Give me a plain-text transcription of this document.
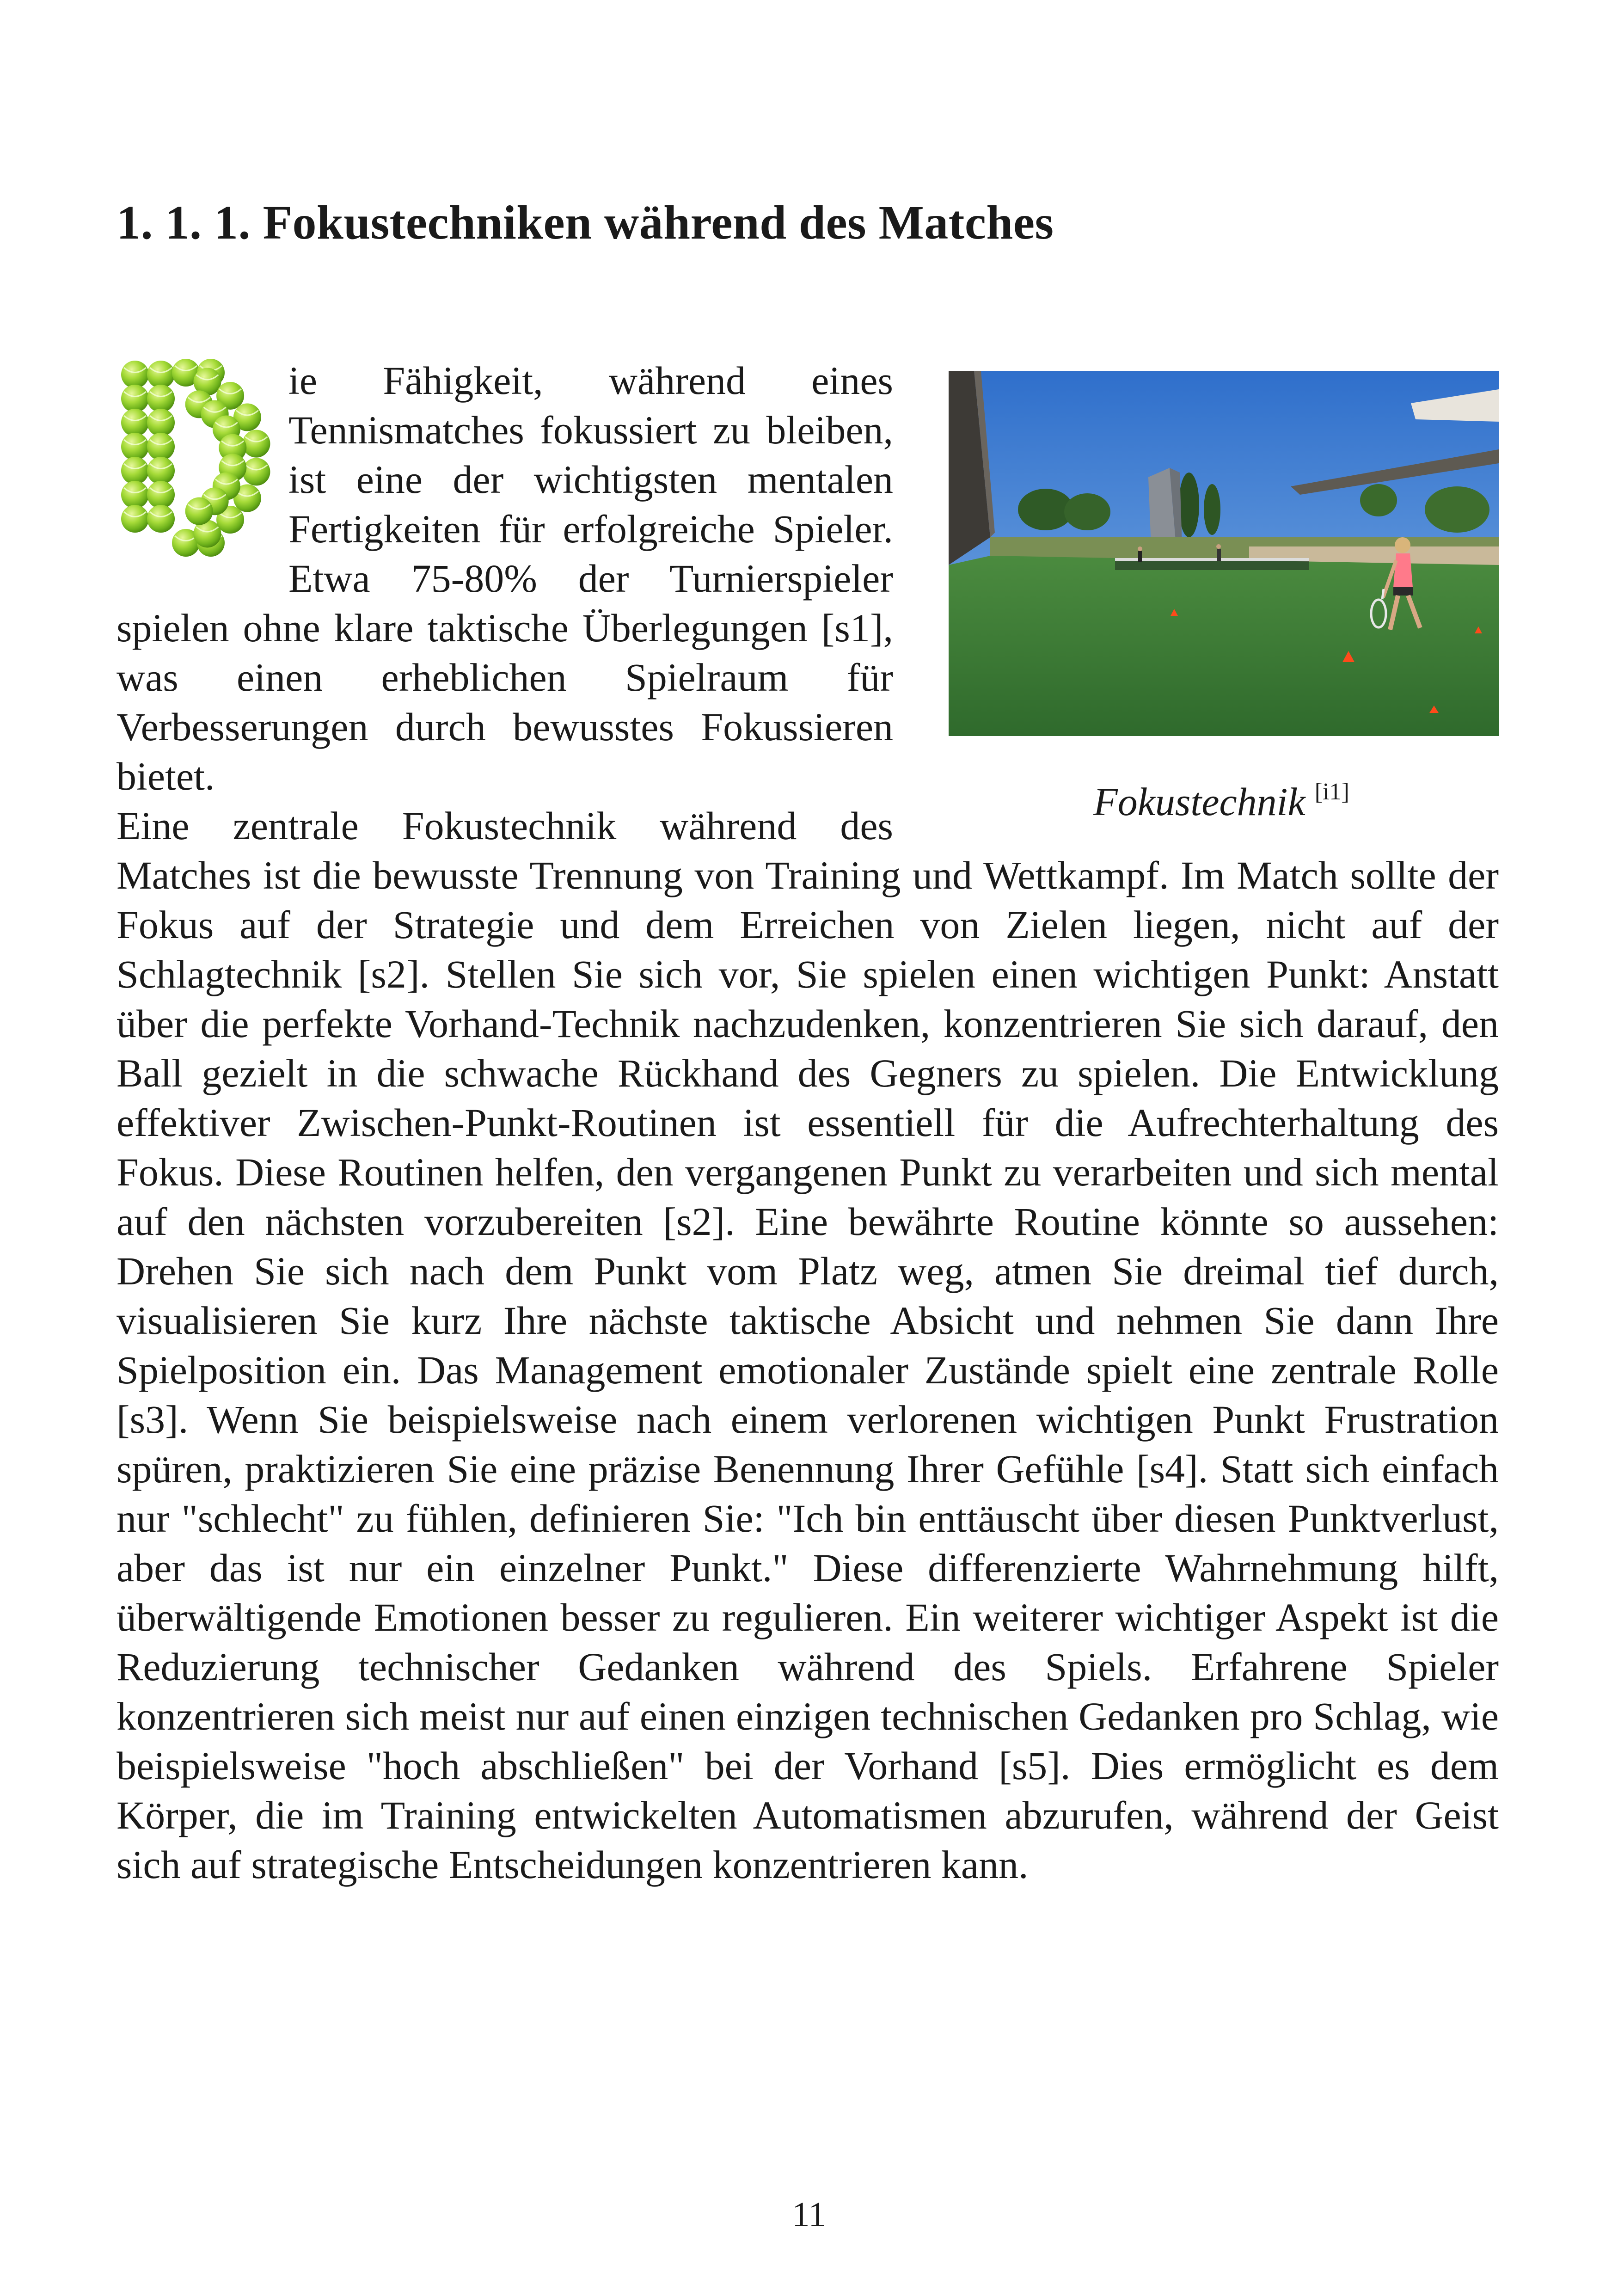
1. 1. 1. Fokustechniken während des Matches
Fokustechnik [i1]
ie Fähigkeit, während eines Tennismatches fokussiert zu bleiben, ist eine der wichtigsten mentalen Fertigkeiten für erfolgreiche Spieler. Etwa 75-80% der Turnierspieler spielen ohne klare taktische Überlegungen [s1], was einen erheblichen Spielraum für Verbesserungen durch bewusstes Fokussieren bietet.
Eine zentrale Fokustechnik während des Matches ist die bewusste Trennung von Training und Wettkampf. Im Match sollte der Fokus auf der Strategie und dem Erreichen von Zielen liegen, nicht auf der Schlagtechnik [s2]. Stellen Sie sich vor, Sie spielen einen wichtigen Punkt: Anstatt über die perfekte Vorhand-Technik nachzudenken, konzentrieren Sie sich darauf, den Ball gezielt in die schwache Rückhand des Gegners zu spielen. Die Entwicklung effektiver Zwischen-Punkt-Routinen ist essentiell für die Aufrechterhaltung des Fokus. Diese Routinen helfen, den vergangenen Punkt zu verarbeiten und sich mental auf den nächsten vorzubereiten [s2]. Eine bewährte Routine könnte so aussehen: Drehen Sie sich nach dem Punkt vom Platz weg, atmen Sie dreimal tief durch, visualisieren Sie kurz Ihre nächste taktische Absicht und nehmen Sie dann Ihre Spielposition ein. Das Management emotionaler Zustände spielt eine zentrale Rolle [s3]. Wenn Sie beispielsweise nach einem verlorenen wichtigen Punkt Frustration spüren, praktizieren Sie eine präzise Benennung Ihrer Gefühle [s4]. Statt sich einfach nur "schlecht" zu fühlen, definieren Sie: "Ich bin enttäuscht über diesen Punktverlust, aber das ist nur ein einzelner Punkt." Diese differenzierte Wahrnehmung hilft, überwältigende Emotionen besser zu regulieren. Ein weiterer wichtiger Aspekt ist die Reduzierung technischer Gedanken während des Spiels. Erfahrene Spieler konzentrieren sich meist nur auf einen einzigen technischen Gedanken pro Schlag, wie beispielsweise "hoch abschließen" bei der Vorhand [s5]. Dies ermöglicht es dem Körper, die im Training entwickelten Automatismen abzurufen, während der Geist sich auf strategische Entscheidungen konzentrieren kann.
11
